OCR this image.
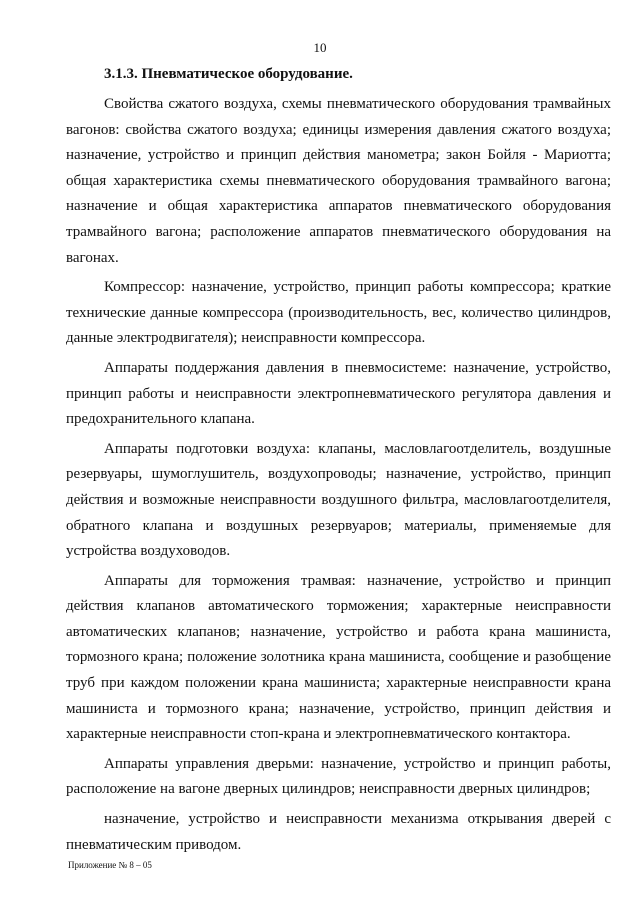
10
3.1.3. Пневматическое оборудование.

Свойства сжатого воздуха, схемы пневматического оборудования трамвайных вагонов: свойства сжатого воздуха; единицы измерения давления сжатого воздуха; назначение, устройство и принцип действия манометра; закон Бойля - Мариотта; общая характеристика схемы пневматического оборудования трамвайного вагона; назначение и общая характеристика аппаратов пневматического оборудования трамвайного вагона; расположение аппаратов пневматического оборудования на вагонах.

Компрессор: назначение, устройство, принцип работы компрессора; краткие технические данные компрессора (производительность, вес, количество цилиндров, данные электродвигателя); неисправности компрессора.

Аппараты поддержания давления в пневмосистеме: назначение, устройство, принцип работы и неисправности электропневматического регулятора давления и предохранительного клапана.

Аппараты подготовки воздуха: клапаны, масловлагоотделитель, воздушные резервуары, шумоглушитель, воздухопроводы; назначение, устройство, принцип действия и возможные неисправности воздушного фильтра, масловлагоотделителя, обратного клапана и воздушных резервуаров; материалы, применяемые для устройства воздуховодов.

Аппараты для торможения трамвая: назначение, устройство и принцип действия клапанов автоматического торможения; характерные неисправности автоматических клапанов; назначение, устройство и работа крана машиниста, тормозного крана; положение золотника крана машиниста, сообщение и разобщение труб при каждом положении крана машиниста; характерные неисправности крана машиниста и тормозного крана; назначение, устройство, принцип действия и характерные неисправности стоп-крана и электропневматического контактора.

Аппараты управления дверьми: назначение, устройство и принцип работы, расположение на вагоне дверных цилиндров; неисправности дверных цилиндров;

назначение, устройство и неисправности механизма открывания дверей с пневматическим приводом.

Приложение № 8 – 05
